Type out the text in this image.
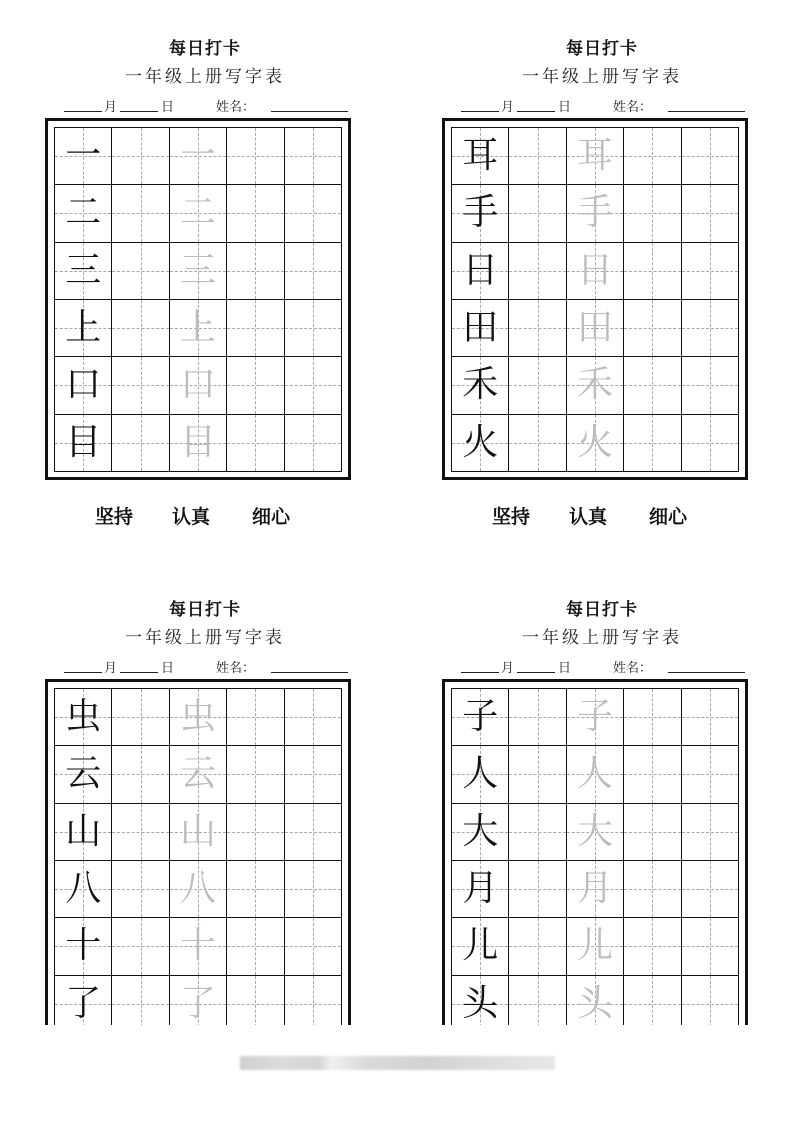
每日打卡
一年级上册写字表
月	日	姓名：
一 一
二 二
三 三
上 上
口 口
目 目
坚持 认真 细心
每日打卡
一年级上册写字表
月	日	姓名：
耳 耳
手 手
日 日
田 田
禾 禾
火 火
坚持 认真 细心
每日打卡
一年级上册写字表
月	日	姓名：
虫 虫
云 云
山 山
八 八
十 十
了 了
每日打卡
一年级上册写字表
月	日	姓名：
子 子
人 人
大 大
月 月
儿 儿
头 头
